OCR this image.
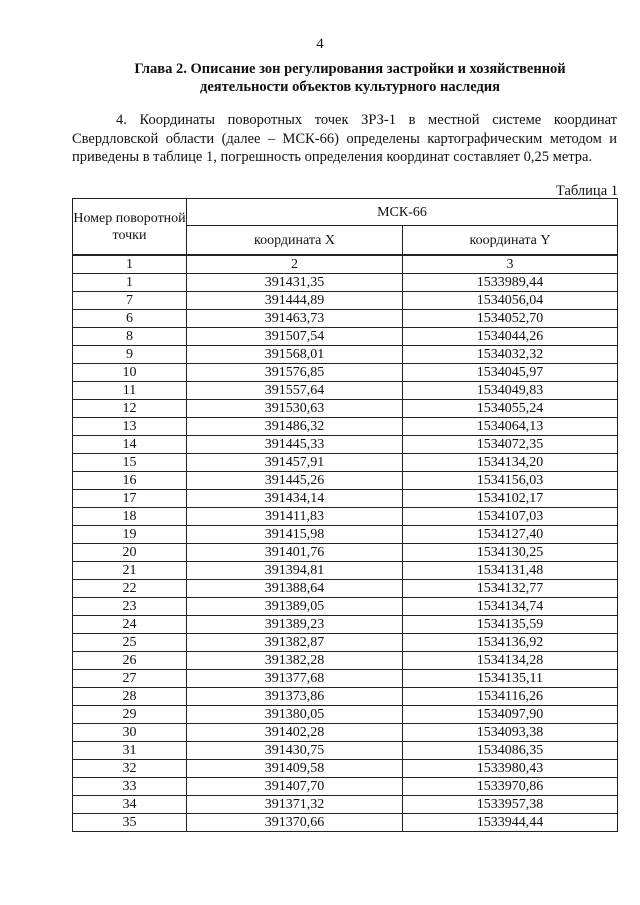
4
Глава 2. Описание зон регулирования застройки и хозяйственной
деятельности объектов культурного наследия
4. Координаты поворотных точек ЗРЗ-1 в местной системе координат Свердловской области (далее – МСК-66) определены картографическим методом и приведены в таблице 1, погрешность определения координат составляет 0,25 метра.
Таблица 1
Номер поворотной точки	МСК-66	
	координата X	координата Y
1	2	3
1	391431,35	1533989,44
7	391444,89	1534056,04
6	391463,73	1534052,70
8	391507,54	1534044,26
9	391568,01	1534032,32
10	391576,85	1534045,97
11	391557,64	1534049,83
12	391530,63	1534055,24
13	391486,32	1534064,13
14	391445,33	1534072,35
15	391457,91	1534134,20
16	391445,26	1534156,03
17	391434,14	1534102,17
18	391411,83	1534107,03
19	391415,98	1534127,40
20	391401,76	1534130,25
21	391394,81	1534131,48
22	391388,64	1534132,77
23	391389,05	1534134,74
24	391389,23	1534135,59
25	391382,87	1534136,92
26	391382,28	1534134,28
27	391377,68	1534135,11
28	391373,86	1534116,26
29	391380,05	1534097,90
30	391402,28	1534093,38
31	391430,75	1534086,35
32	391409,58	1533980,43
33	391407,70	1533970,86
34	391371,32	1533957,38
35	391370,66	1533944,44
